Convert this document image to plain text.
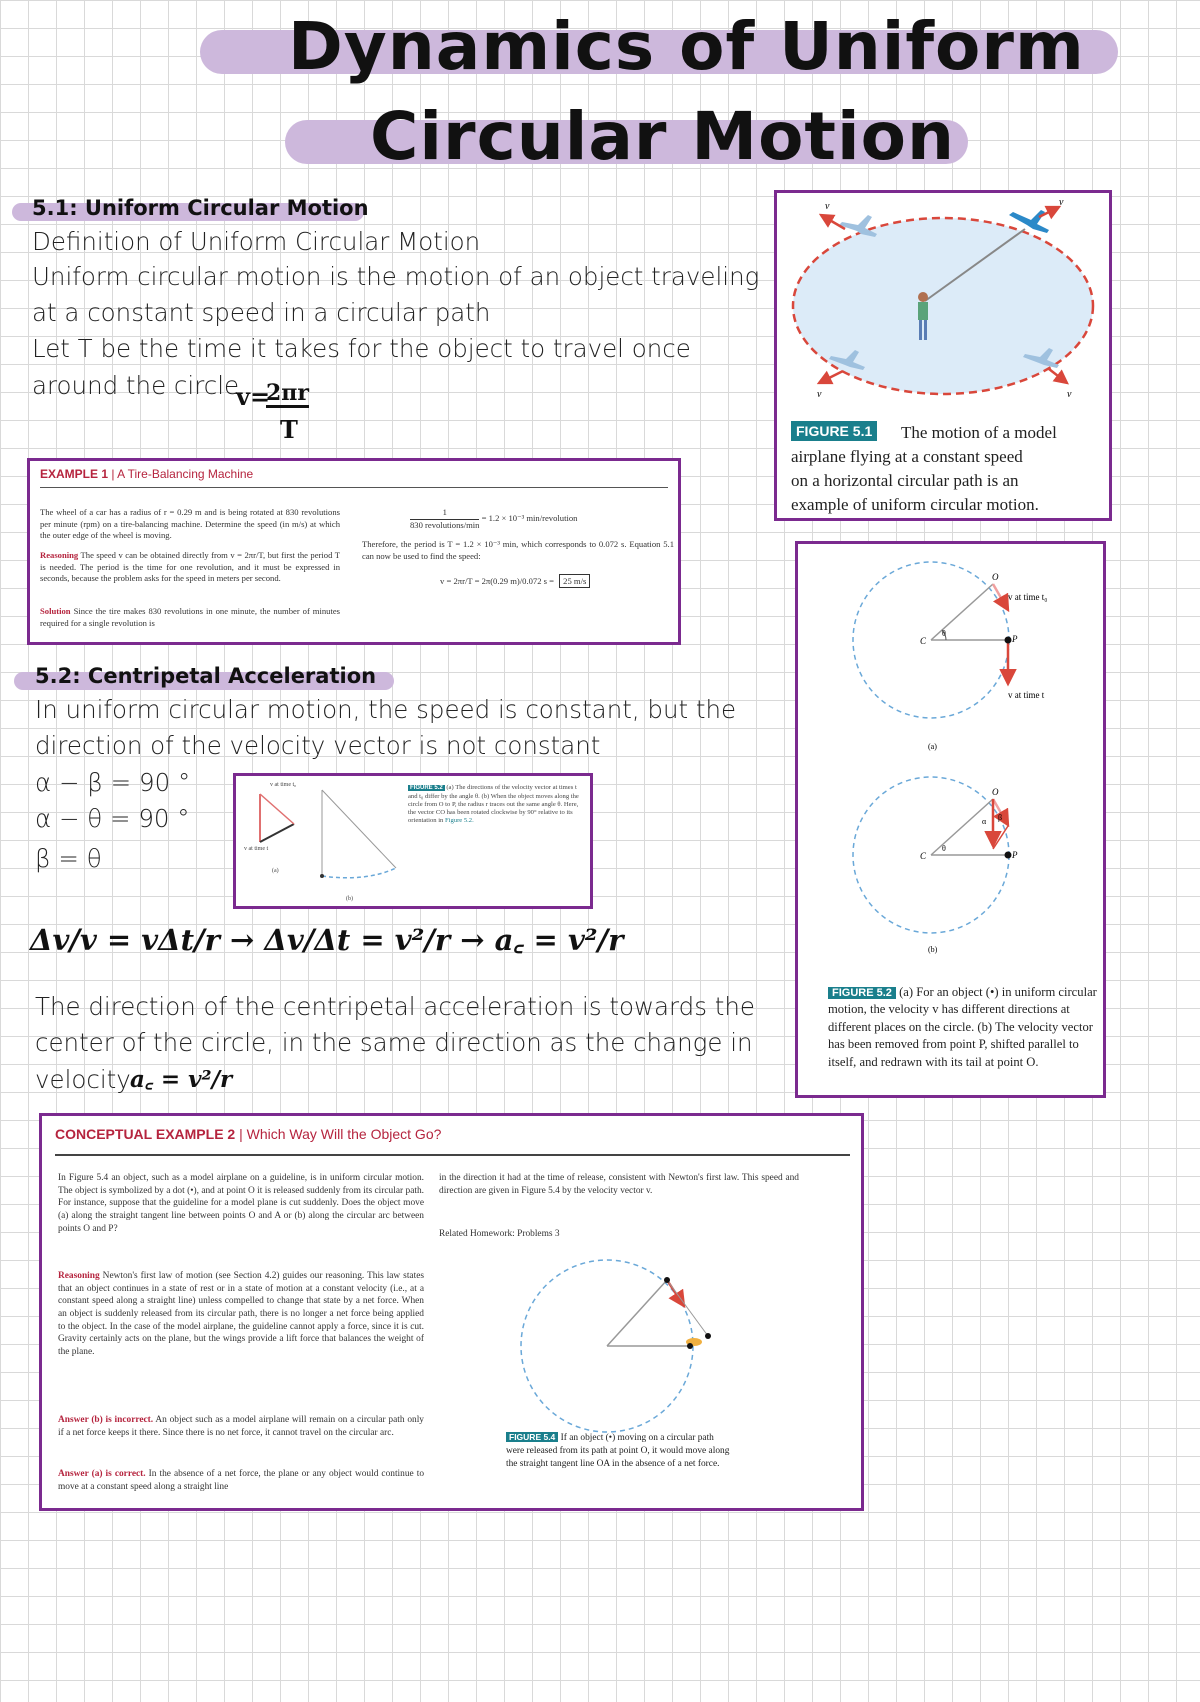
Dynamics of Uniform
Circular Motion
5.1: Uniform Circular Motion
Definition of Uniform Circular Motion
Uniform circular motion is the motion of an object traveling
at a constant speed in a circular path
Let T be the time it takes for the object to travel once
around the circle
v=
2πr
T
v	v
v	v
FIGURE 5.1	The motion of a model
airplane flying at a constant speed
on a horizontal circular path is an
example of uniform circular motion.
EXAMPLE 1 | A Tire-Balancing Machine
The wheel of a car has a radius of r = 0.29 m and is being rotated at 830 revolutions per minute (rpm) on a tire-balancing machine. Determine the speed (in m/s) at which the outer edge of the wheel is moving.
Reasoning The speed v can be obtained directly from v = 2πr/T, but first the period T is needed. The period is the time for one revolution, and it must be expressed in seconds, because the problem asks for the speed in meters per second.
Solution Since the tire makes 830 revolutions in one minute, the number of minutes required for a single revolution is
1
830 revolutions/min
= 1.2 × 10⁻³ min/revolution
Therefore, the period is T = 1.2 × 10⁻³ min, which corresponds to 0.072 s. Equation 5.1 can now be used to find the speed:
v = 2πr/T = 2π(0.29 m)/0.072 s = 25 m/s
5.2: Centripetal Acceleration
In uniform circular motion, the speed is constant, but the
direction of the velocity vector is not constant
α − β = 90 °
α − θ = 90 °
β = θ
v at time t₀
v at time t
(a)
(b)
FIGURE 5.2 (a) The directions of the velocity vector at times t and t₀ differ by the angle θ. (b) When the object moves along the circle from O to P, the radius r traces out the same angle θ. Here, the vector CO has been rotated clockwise by 90° relative to its orientation in Figure 5.2.
Δv/v = vΔt/r → Δv/Δt = v²/r → a꜀ = v²/r
The direction of the centripetal acceleration is towards the
center of the circle, in the same direction as the change in
velocity a꜀ = v²/r
C
θ
O
P
v at time t₀
v at time t
(a)
C
θ
O
P
α β
(b)
FIGURE 5.2 (a) For an object (•) in uniform circular motion, the velocity v has different directions at different places on the circle. (b) The velocity vector has been removed from point P, shifted parallel to itself, and redrawn with its tail at point O.
CONCEPTUAL EXAMPLE 2 | Which Way Will the Object Go?
In Figure 5.4 an object, such as a model airplane on a guideline, is in uniform circular motion. The object is symbolized by a dot (•), and at point O it is released suddenly from its circular path. For instance, suppose that the guideline for a model plane is cut suddenly. Does the object move (a) along the straight tangent line between points O and A or (b) along the circular arc between points O and P?
Reasoning Newton's first law of motion (see Section 4.2) guides our reasoning. This law states that an object continues in a state of rest or in a state of motion at a constant velocity (i.e., at a constant speed along a straight line) unless compelled to change that state by a net force. When an object is suddenly released from its circular path, there is no longer a net force being applied to the object. In the case of the model airplane, the guideline cannot apply a force, since it is cut. Gravity certainly acts on the plane, but the wings provide a lift force that balances the weight of the plane.
Answer (b) is incorrect. An object such as a model airplane will remain on a circular path only if a net force keeps it there. Since there is no net force, it cannot travel on the circular arc.
Answer (a) is correct. In the absence of a net force, the plane or any object would continue to move at a constant speed along a straight line
in the direction it had at the time of release, consistent with Newton's first law. This speed and direction are given in Figure 5.4 by the velocity vector v.
Related Homework: Problems 3
FIGURE 5.4 If an object (•) moving on a circular path were released from its path at point O, it would move along the straight tangent line OA in the absence of a net force.
